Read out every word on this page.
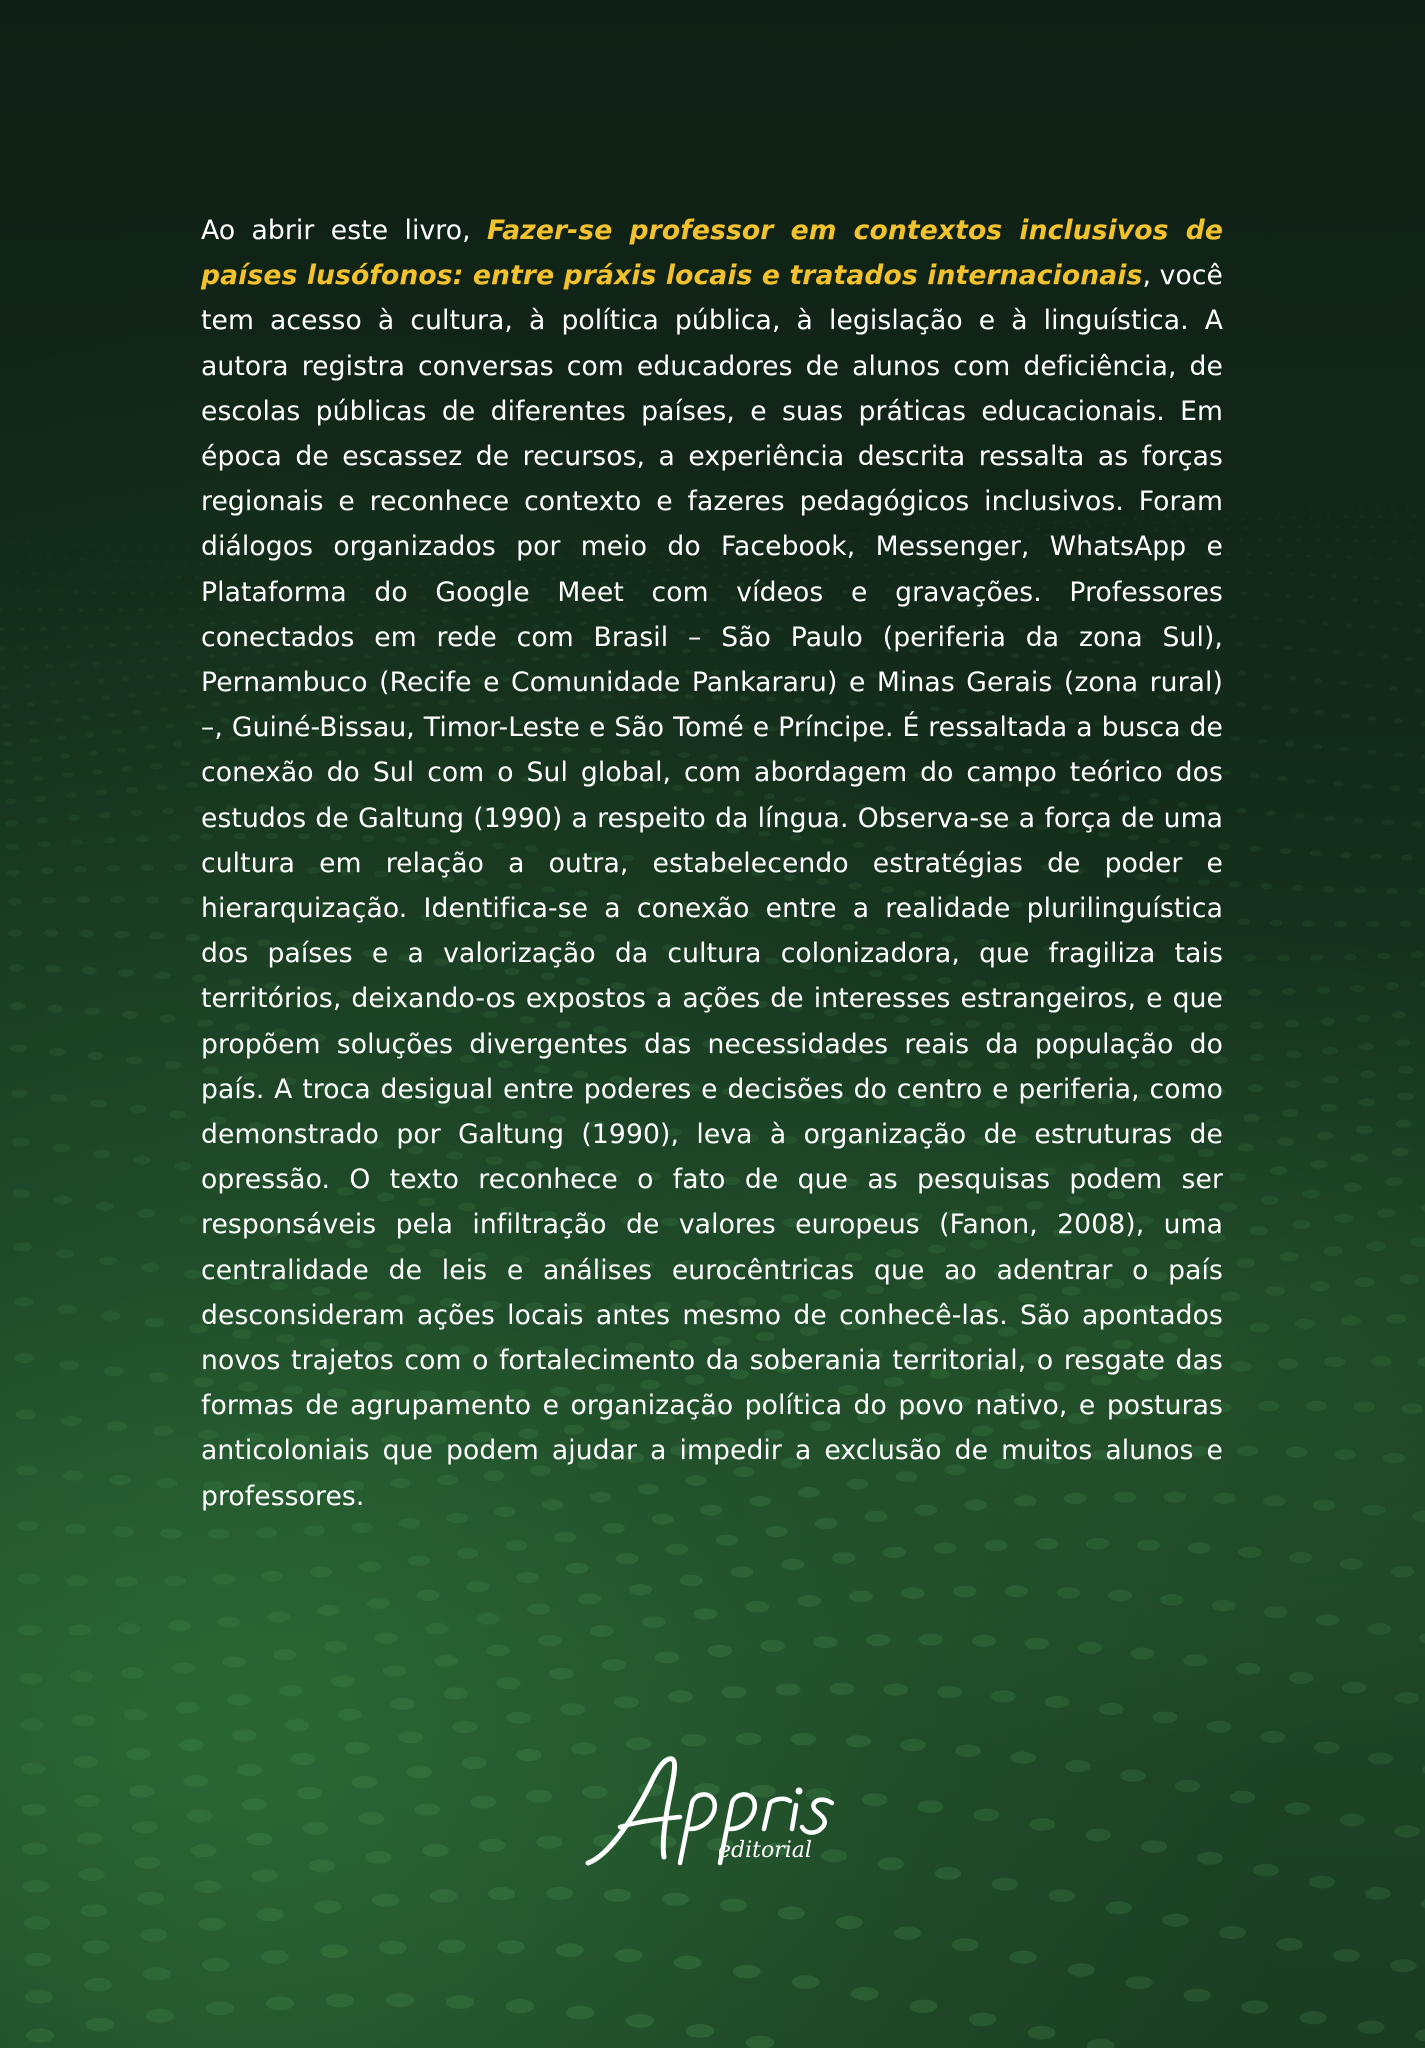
Ao abrir este livro, Fazer-se professor em contextos inclusivos de países lusófonos: entre práxis locais e tratados internacionais, você tem acesso à cultura, à política pública, à legislação e à linguística. A autora registra conversas com educadores de alunos com deficiência, de escolas públicas de diferentes países, e suas práticas educacionais. Em época de escassez de recursos, a experiência descrita ressalta as forças regionais e reconhece contexto e fazeres pedagógicos inclusivos. Foram diálogos organizados por meio do Facebook, Messenger, WhatsApp e Plataforma do Google Meet com vídeos e gravações. Professores conectados em rede com Brasil – São Paulo (periferia da zona Sul), Pernambuco (Recife e Comunidade Pankararu) e Minas Gerais (zona rural) –, Guiné-Bissau, Timor-Leste e São Tomé e Príncipe. É ressaltada a busca de conexão do Sul com o Sul global, com abordagem do campo teórico dos estudos de Galtung (1990) a respeito da língua. Observa-se a força de uma cultura em relação a outra, estabelecendo estratégias de poder e hierarquização. Identifica-se a conexão entre a realidade plurilinguística dos países e a valorização da cultura colonizadora, que fragiliza tais territórios, deixando-os expostos a ações de interesses estrangeiros, e que propõem soluções divergentes das necessidades reais da população do país. A troca desigual entre poderes e decisões do centro e periferia, como demonstrado por Galtung (1990), leva à organização de estruturas de opressão. O texto reconhece o fato de que as pesquisas podem ser responsáveis pela infiltração de valores europeus (Fanon, 2008), uma centralidade de leis e análises eurocêntricas que ao adentrar o país desconsideram ações locais antes mesmo de conhecê-las. São apontados novos trajetos com o fortalecimento da soberania territorial, o resgate das formas de agrupamento e organização política do povo nativo, e posturas anticoloniais que podem ajudar a impedir a exclusão de muitos alunos e professores.

editorial
